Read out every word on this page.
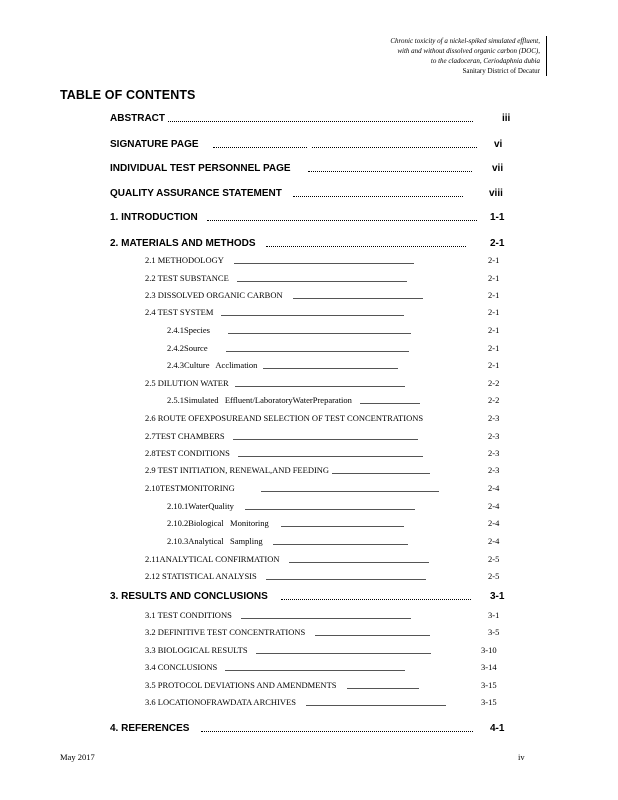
Chronic toxicity of a nickel-spiked simulated effluent,
with and without dissolved organic carbon (DOC),
to the cladoceran, Ceriodaphnia dubia
Sanitary District of Decatur
TABLE OF CONTENTS
ABSTRACT	iii
SIGNATURE PAGE	vi
INDIVIDUAL TEST PERSONNEL PAGE	vii
QUALITY ASSURANCE STATEMENT	viii
1. INTRODUCTION	1-1
2. MATERIALS AND METHODS	2-1
2.1 METHODOLOGY	2-1
2.2 TEST SUBSTANCE	2-1
2.3 DISSOLVED ORGANIC CARBON	2-1
2.4 TEST SYSTEM	2-1
2.4.1Species	2-1
2.4.2Source	2-1
2.4.3Culture   Acclimation	2-1
2.5 DILUTION WATER	2-2
2.5.1Simulated   Effluent/LaboratoryWaterPreparation	2-2
2.6 ROUTE OFEXPOSUREAND SELECTION OF TEST CONCENTRATIONS	2-3
2.7TEST CHAMBERS	2-3
2.8TEST CONDITIONS	2-3
2.9 TEST INITIATION, RENEWAL,AND FEEDING	2-3
2.10TESTMONITORING	2-4
2.10.1WaterQuality	2-4
2.10.2Biological   Monitoring	2-4
2.10.3Analytical   Sampling	2-4
2.11ANALYTICAL CONFIRMATION	2-5
2.12 STATISTICAL ANALYSIS	2-5
3. RESULTS AND CONCLUSIONS	3-1
3.1 TEST CONDITIONS	3-1
3.2 DEFINITIVE TEST CONCENTRATIONS	3-5
3.3 BIOLOGICAL RESULTS	3-10
3.4 CONCLUSIONS	3-14
3.5 PROTOCOL DEVIATIONS AND AMENDMENTS	3-15
3.6 LOCATIONOFRAWDATA ARCHIVES	3-15
4. REFERENCES	4-1
May 2017	iv
